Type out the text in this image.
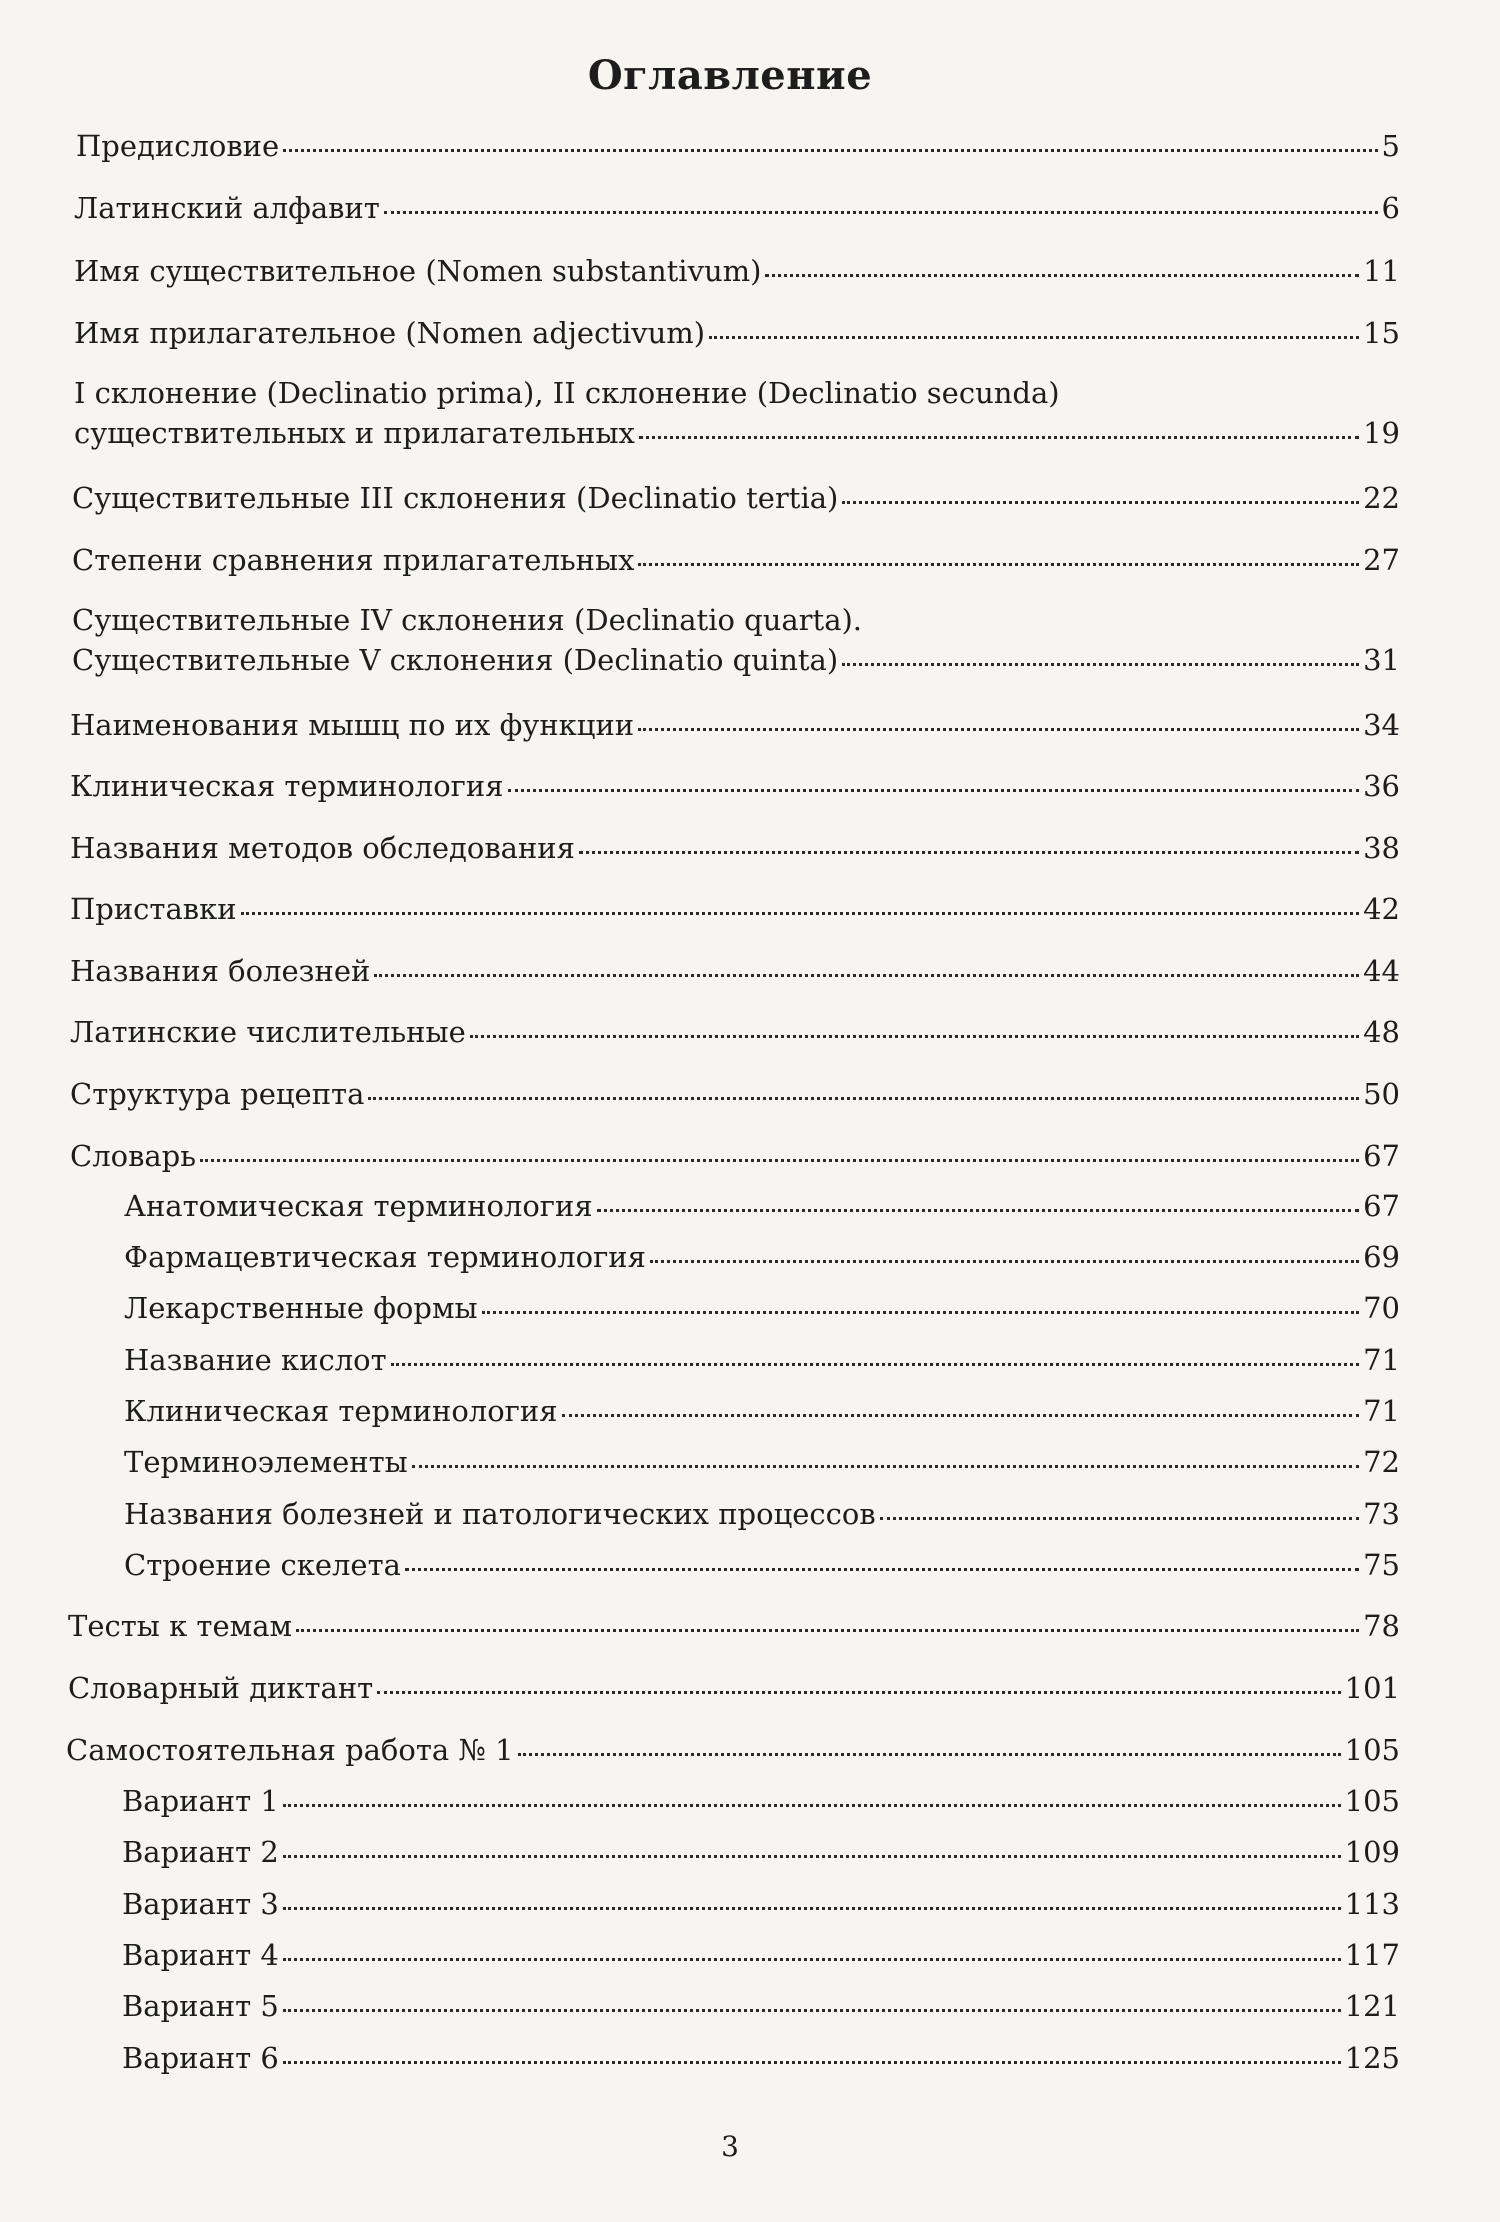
Оглавление
Предисловие	5
Латинский алфавит	6
Имя существительное (Nomen substantivum)	11
Имя прилагательное (Nomen adjectivum)	15
I склонение (Declinatio prima), II склонение (Declinatio secunda)
существительных и прилагательных	19
Существительные III склонения (Declinatio tertia)	22
Степени сравнения прилагательных	27
Существительные IV склонения (Declinatio quarta).
Существительные V склонения (Declinatio quinta)	31
Наименования мышц по их функции	34
Клиническая терминология	36
Названия методов обследования	38
Приставки	42
Названия болезней	44
Латинские числительные	48
Структура рецепта	50
Словарь	67
Анатомическая терминология	67
Фармацевтическая терминология	69
Лекарственные формы	70
Название кислот	71
Клиническая терминология	71
Терминоэлементы	72
Названия болезней и патологических процессов	73
Строение скелета	75
Тесты к темам	78
Словарный диктант	101
Самостоятельная работа № 1	105
Вариант 1	105
Вариант 2	109
Вариант 3	113
Вариант 4	117
Вариант 5	121
Вариант 6	125
3
